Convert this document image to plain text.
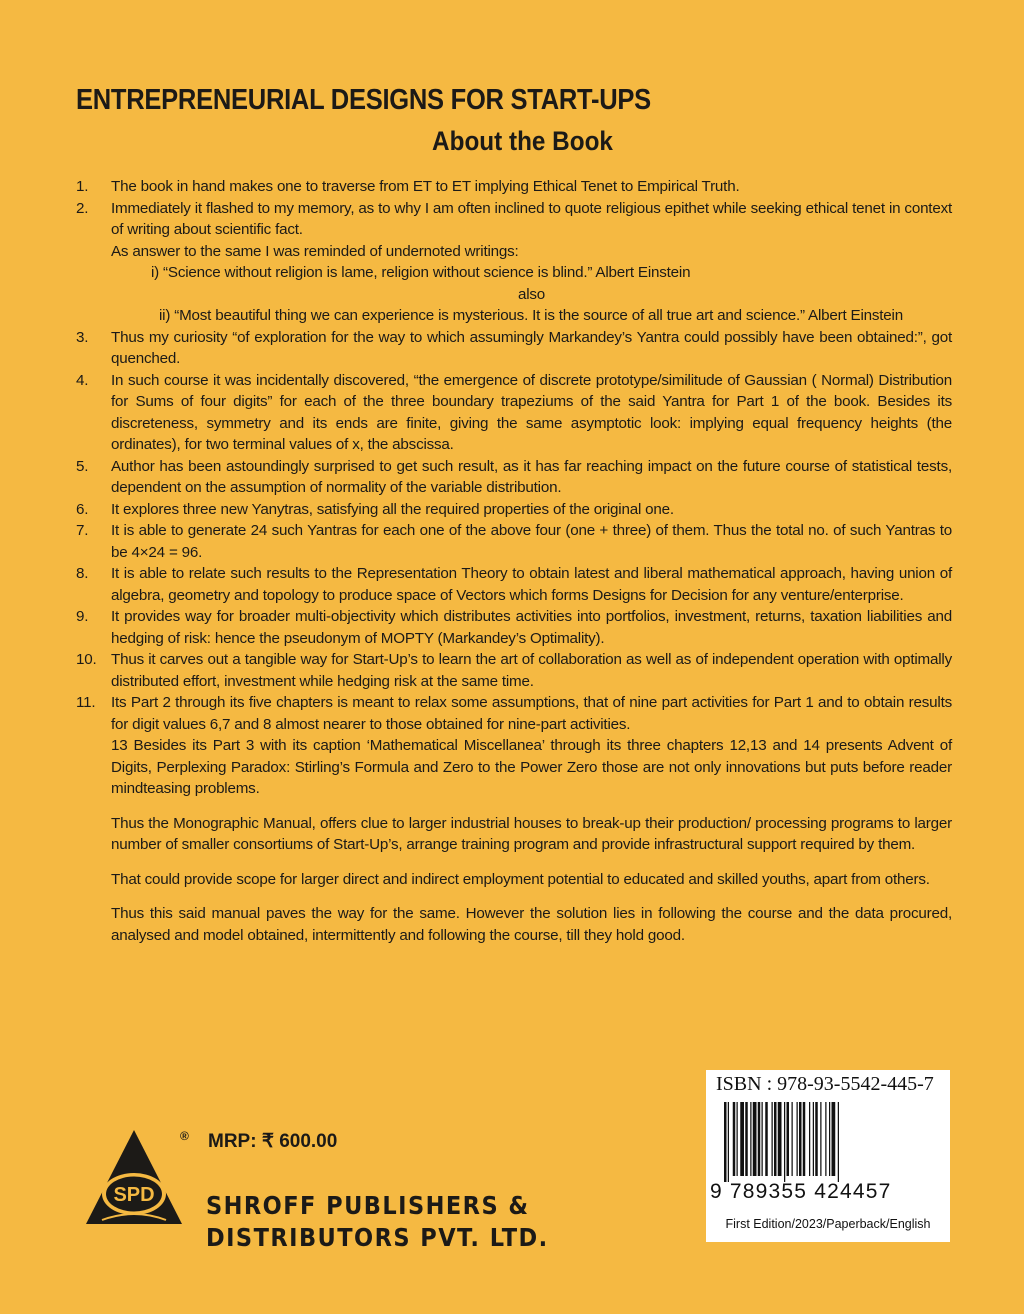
ENTREPRENEURIAL DESIGNS FOR START-UPS
About the Book
1.	The book in hand makes one to traverse from ET to ET implying Ethical Tenet to Empirical Truth.

2.	Immediately it flashed to my memory, as to why I am often inclined to quote religious epithet while seeking ethical tenet in context of writing about scientific fact.

As answer to the same I was reminded of undernoted writings:

i) “Science without religion is lame, religion without science is blind.” Albert Einstein

also

ii) “Most beautiful thing we can experience is mysterious. It is the source of all true art and science.” Albert Einstein

3.	Thus my curiosity “of exploration for the way to which assumingly Markandey’s Yantra could possibly have been obtained:”, got quenched.

4.	In such course it was incidentally discovered, “the emergence of discrete prototype/similitude of Gaussian ( Normal) Distribution for Sums of four digits” for each of the three boundary trapeziums of the said Yantra for Part 1 of the book. Besides its discreteness, symmetry and its ends are finite, giving the same asymptotic look: implying equal frequency heights (the ordinates), for two terminal values of x, the abscissa.

5.	Author has been astoundingly surprised to get such result, as it has far reaching impact on the future course of statistical tests, dependent on the assumption of normality of the variable distribution.

6.	It explores three new Yanytras, satisfying all the required properties of the original one.

7.	It is able to generate 24 such Yantras for each one of the above four (one + three) of them. Thus the total no. of such Yantras to be 4×24 = 96.

8.	It is able to relate such results to the Representation Theory to obtain latest and liberal mathematical approach, having union of algebra, geometry and topology to produce space of Vectors which forms Designs for Decision for any venture/enterprise.

9.	It provides way for broader multi-objectivity which distributes activities into portfolios, investment, returns, taxation liabilities and hedging of risk: hence the pseudonym of MOPTY (Markandey’s Optimality).

10. Thus it carves out a tangible way for Start-Up’s to learn the art of collaboration as well as of independent operation with optimally distributed effort, investment while hedging risk at the same time.

11.	Its Part 2 through its five chapters is meant to relax some assumptions, that of nine part activities for Part 1 and to obtain results for digit values 6,7 and 8 almost nearer to those obtained for nine-part activities.

13 Besides its Part 3 with its caption ‘Mathematical Miscellanea’ through its three chapters 12,13 and 14 presents Advent of Digits, Perplexing Paradox: Stirling’s Formula and Zero to the Power Zero those are not only innovations but puts before reader mindteasing problems.

Thus the Monographic Manual, offers clue to larger industrial houses to break-up their production/ processing programs to larger number of smaller consortiums of Start-Up’s, arrange training program and provide infrastructural support required by them.

That could provide scope for larger direct and indirect employment potential to educated and skilled youths, apart from others.

Thus this said manual paves the way for the same. However the solution lies in following the course and the data procured, analysed and model obtained, intermittently and following the course, till they hold good.

ISBN : 978-93-5542-445-7
9 789355 424457
First Edition/2023/Paperback/English
SPD
® MRP: ₹ 600.00
SHROFF PUBLISHERS &
DISTRIBUTORS PVT. LTD.
